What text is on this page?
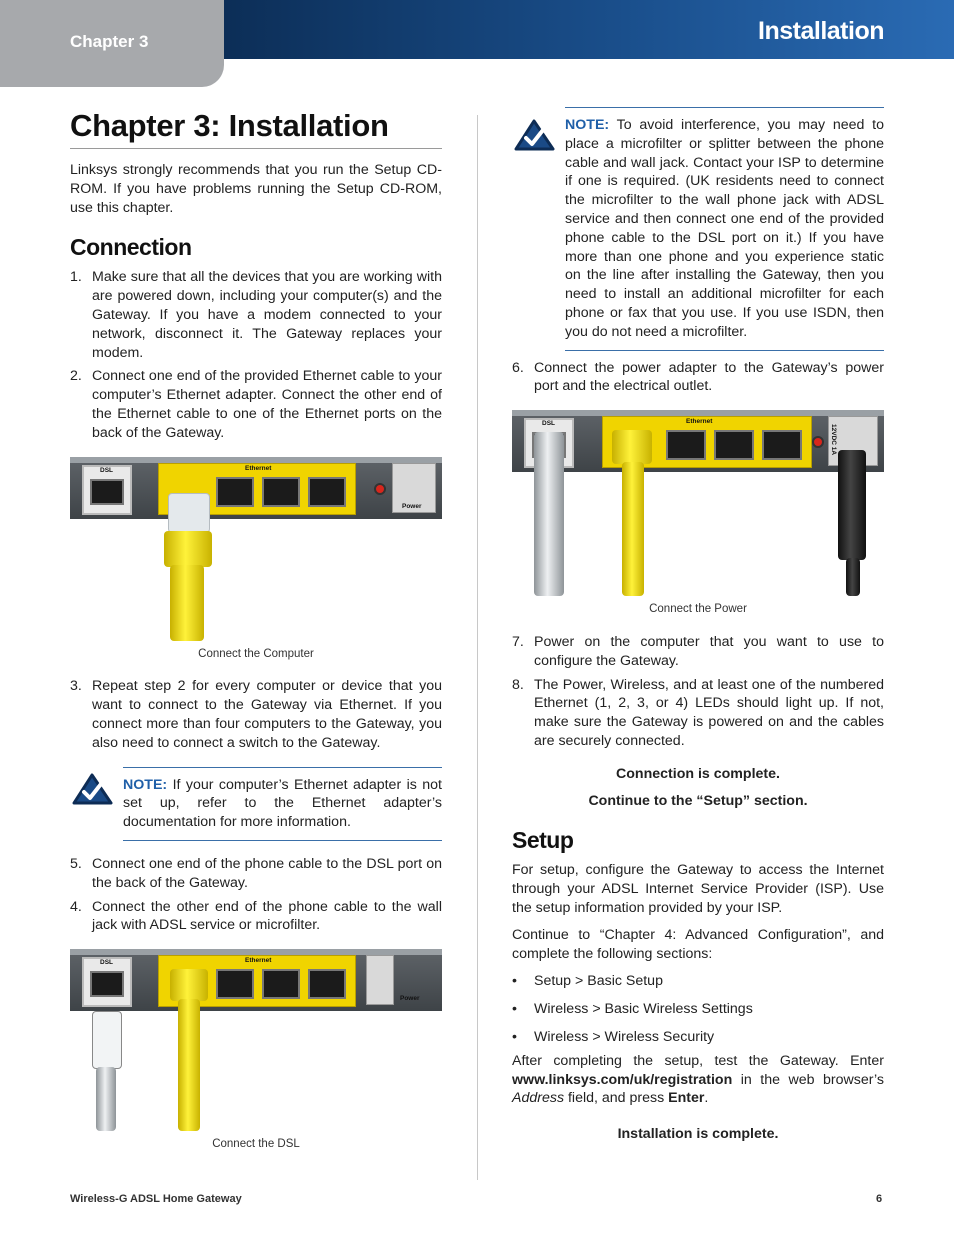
Chapter 3	Installation
Chapter 3: Installation

Linksys strongly recommends that you run the Setup CD-ROM. If you have problems running the Setup CD-ROM, use this chapter.

Connection
1. Make sure that all the devices that you are working with are powered down, including your computer(s) and the Gateway. If you have a modem connected to your network, disconnect it. The Gateway replaces your modem.
2. Connect one end of the provided Ethernet cable to your computer’s Ethernet adapter. Connect the other end of the Ethernet cable to one of the Ethernet ports on the back of the Gateway.
DSL	Ethernet
Power
Connect the Computer
3. Repeat step 2 for every computer or device that you want to connect to the Gateway via Ethernet. If you connect more than four computers to the Gateway, you also need to connect a switch to the Gateway.
NOTE: If your computer’s Ethernet adapter is not set up, refer to the Ethernet adapter’s documentation for more information.
5. Connect one end of the phone cable to the DSL port on the back of the Gateway.
4. Connect the other end of the phone cable to the wall jack with ADSL service or microfilter.
DSL	Ethernet
Power
Connect the DSL
NOTE: To avoid interference, you may need to place a microfilter or splitter between the phone cable and wall jack. Contact your ISP to determine if one is required. (UK residents need to connect the microfilter to the wall phone jack with ADSL service and then connect one end of the provided phone cable to the DSL port on it.) If you have more than one phone and you experience static on the line after installing the Gateway, then you need to install an additional microfilter for each phone or fax that you use. If you use ISDN, then you do not need a microfilter.
6. Connect the power adapter to the Gateway’s power port and the electrical outlet.
DSL	Ethernet
12VDC 1A
Connect the Power
7. Power on the computer that you want to use to configure the Gateway.
8. The Power, Wireless, and at least one of the numbered Ethernet (1, 2, 3, or 4) LEDs should light up. If not, make sure the Gateway is powered on and the cables are securely connected.
Connection is complete.
Continue to the “Setup” section.
Setup

For setup, configure the Gateway to access the Internet through your ADSL Internet Service Provider (ISP). Use the setup information provided by your ISP.

Continue to “Chapter 4: Advanced Configuration”, and complete the following sections:

• Setup > Basic Setup
• Wireless > Basic Wireless Settings
• Wireless > Wireless Security

After completing the setup, test the Gateway. Enter www.linksys.com/uk/registration in the web browser’s Address field, and press Enter.

Installation is complete.
Wireless-G ADSL Home Gateway	6
